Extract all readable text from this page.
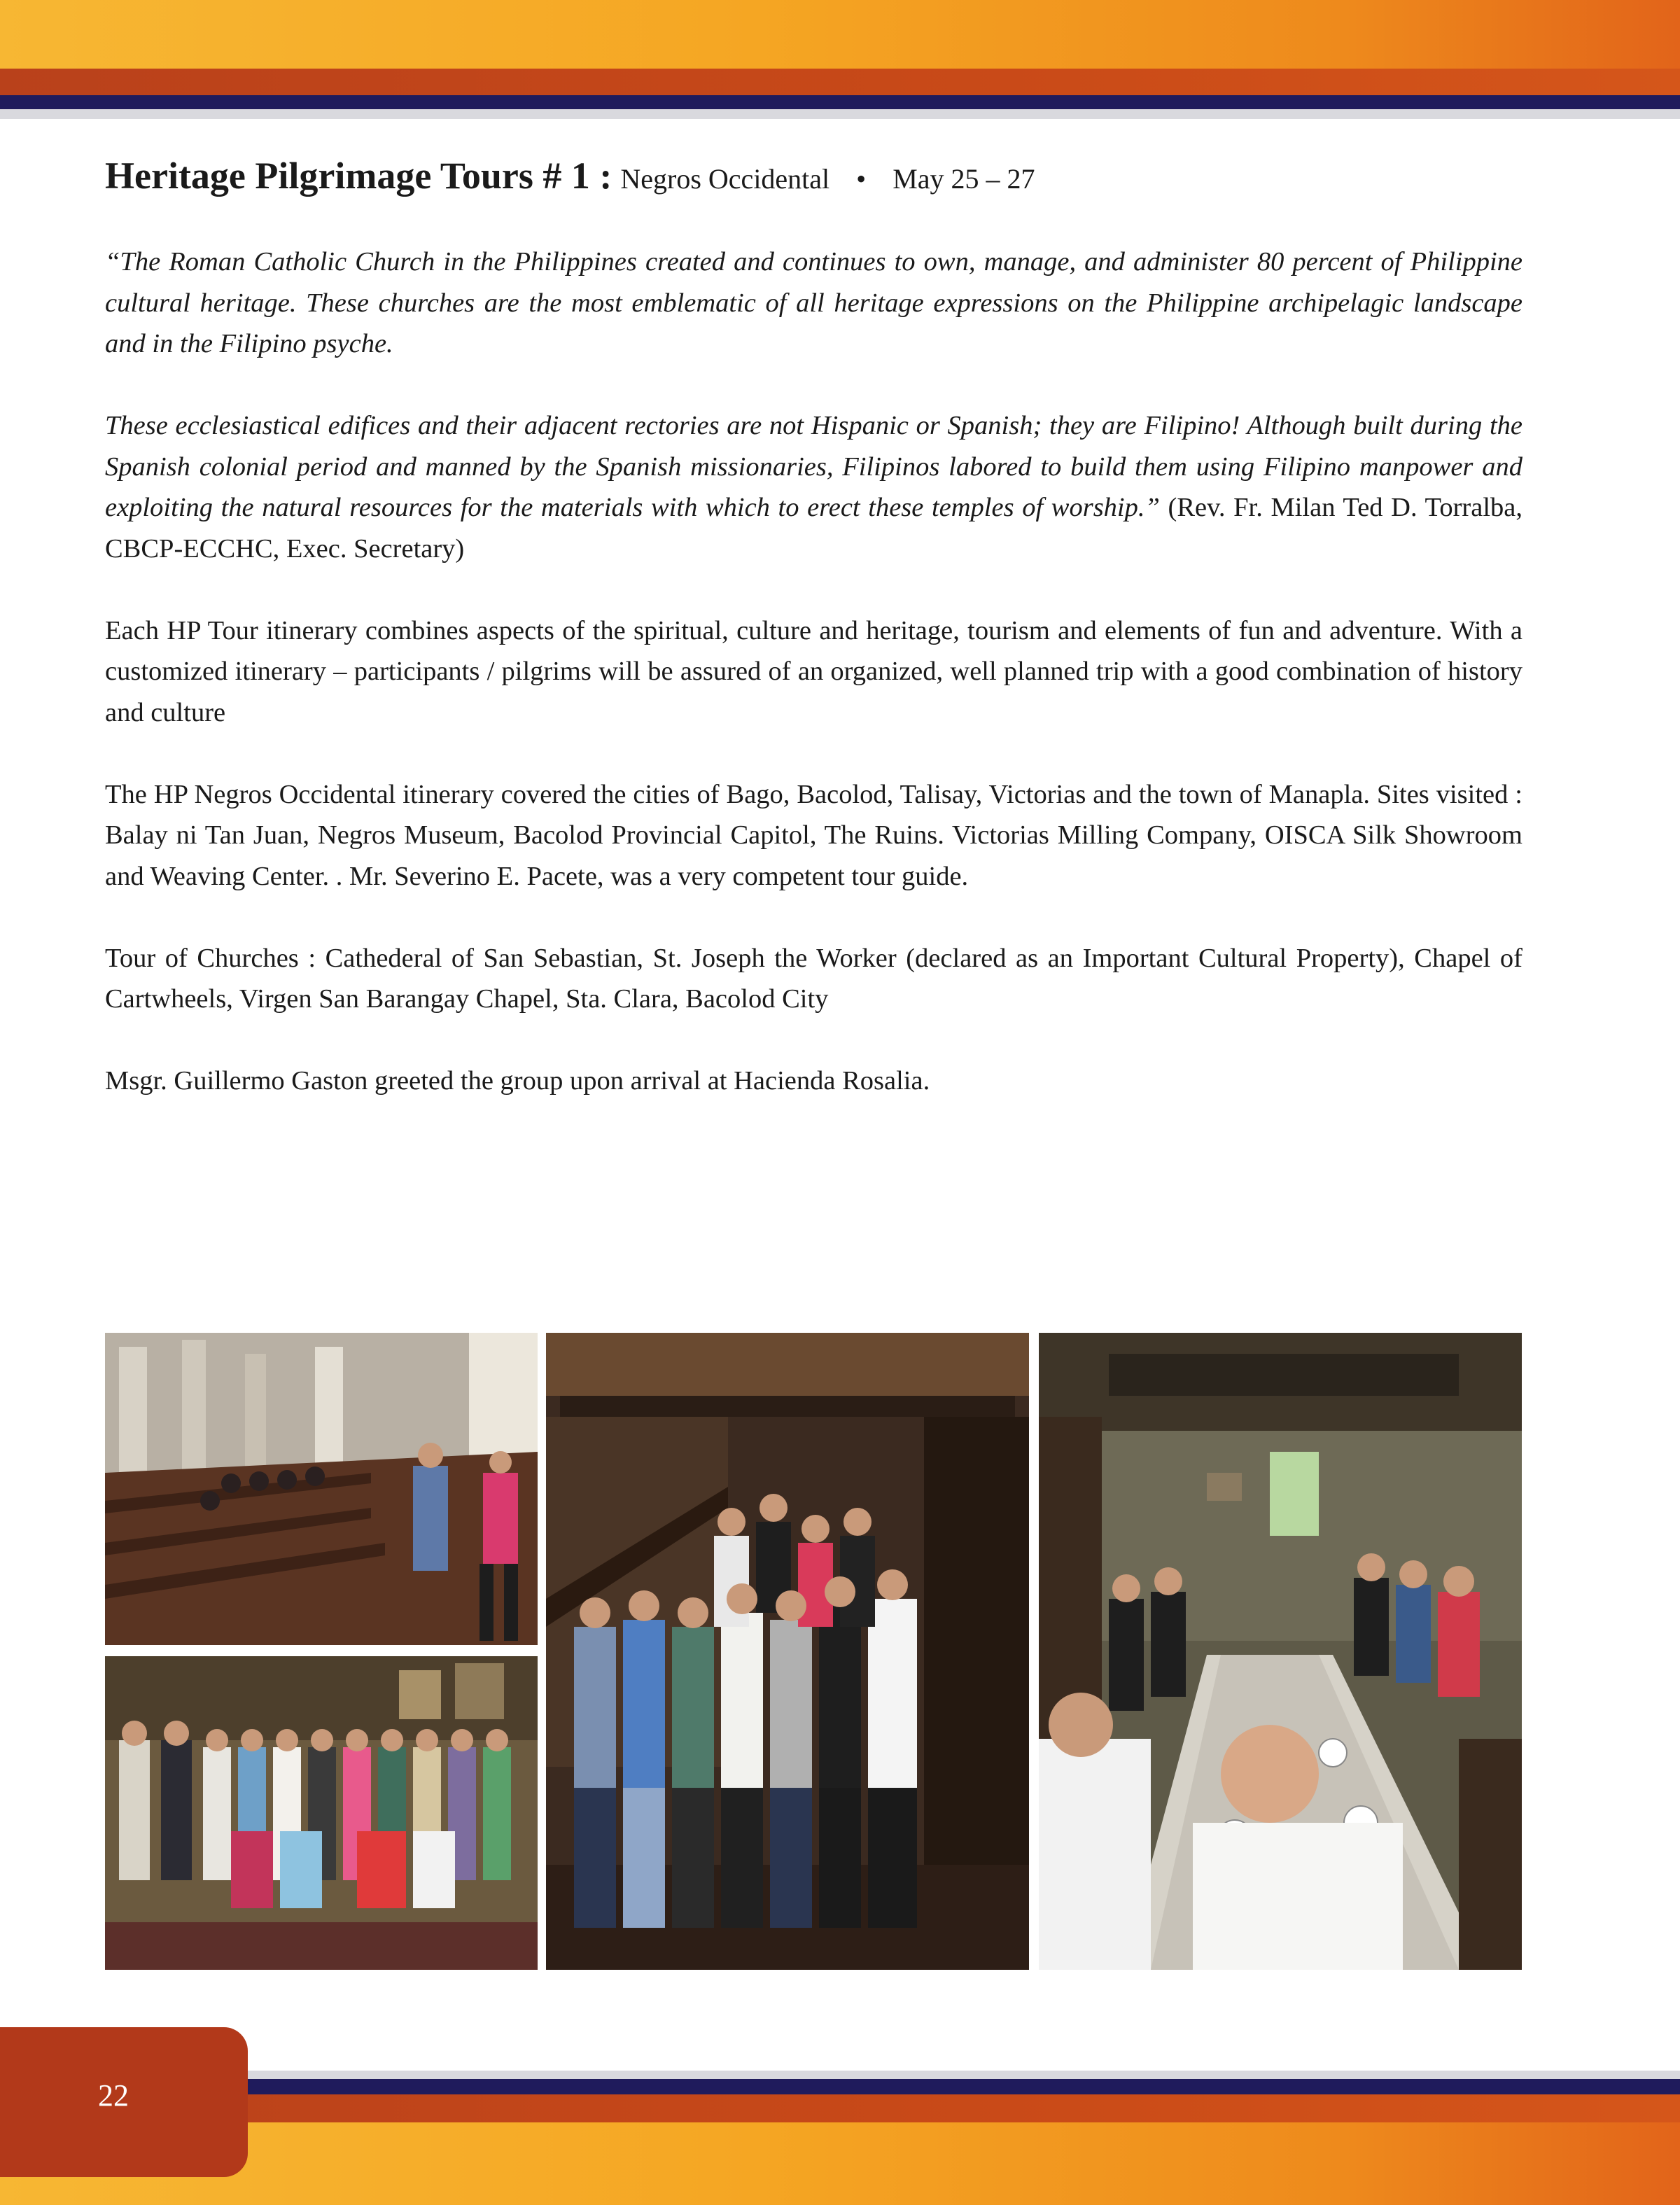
Heritage Pilgrimage Tours # 1 : Negros Occidental • May 25 – 27

“The Roman Catholic Church in the Philippines created and continues to own, manage, and administer 80 percent of Philippine cultural heritage. These churches are the most emblematic of all heritage expressions on the Philippine archipelagic landscape and in the Filipino psyche.

These ecclesiastical edifices and their adjacent rectories are not Hispanic or Spanish; they are Filipino! Although built during the Spanish colonial period and manned by the Spanish missionaries, Filipinos labored to build them using Filipino manpower and exploiting the natural resources for the materials with which to erect these temples of worship.” (Rev. Fr. Milan Ted D. Torralba, CBCP-ECCHC, Exec. Secretary)

Each HP Tour itinerary combines aspects of the spiritual, culture and heritage, tourism and elements of fun and adventure. With a customized itinerary – participants / pilgrims will be assured of an organized, well planned trip with a good combination of history and culture

The HP Negros Occidental itinerary covered the cities of Bago, Bacolod, Talisay, Victorias and the town of Manapla. Sites visited : Balay ni Tan Juan, Negros Museum, Bacolod Provincial Capitol, The Ruins. Victorias Milling Company, OISCA Silk Showroom and Weaving Center. . Mr. Severino E. Pacete, was a very competent tour guide.

Tour of Churches : Cathederal of San Sebastian, St. Joseph the Worker (declared as an Important Cultural Property), Chapel of Cartwheels, Virgen San Barangay Chapel, Sta. Clara, Bacolod City

Msgr. Guillermo Gaston greeted the group upon arrival at Hacienda Rosalia.

22
